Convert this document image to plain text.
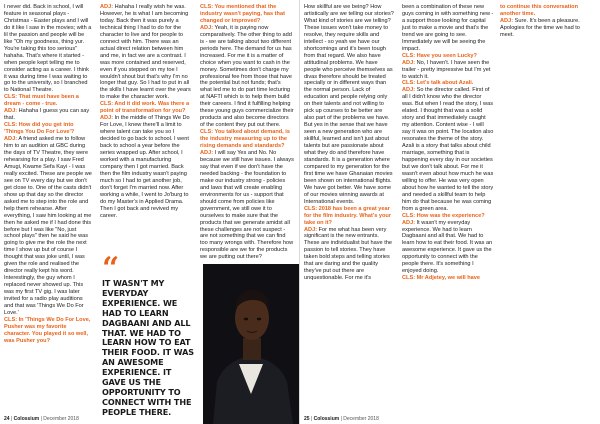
I never did. Back in school, I will feature in seasonal plays - Christmas - Easter plays and I will do it like I saw in the movies; with a lil the passion and people will be like "Oh my goodness, thing yur. You're taking this too serious" hahaha. That's where it started - when people kept telling me to consider acting as a career. I think it was during time I was waiting to go to the university, so I branched to National Theatre.

CLS: That must have been a dream - come - true.

ADJ: Hahaha I guess you can say that.

CLS: How did you get into 'Things You Do For Love'?

ADJ: A friend asked me to follow him to an audition at GBC during the days of TV Theatre, they were rehearsing for a play. I saw Fred Amugi, Kwame Sefa Kayi - I was really excited. These are people we see on TV every day but we don't get close to. One of the casts didn't show up that day so the director asked me to step into the role and help them rehearse. After everything, I saw him looking at me then he asked me if I had done this before but I was like "No, just school plays" then he said he was going to give me the role the next time I show up but of course I thought that was joke until, I was given the role and realised the director really kept his word. Interestingly, the guy whom I replaced never showed up. This was my first TV gig. I was later invited for a radio play auditions and that was 'Things We Do For Love.'

CLS: In 'Things We Do For Love, Pusher was my favorite character. You played it so well, was Pusher you?

ADJ: Hahaha I really wish he was. However, he is what I am becoming today. Back then it was purely a technical thing I had to do for the character to live and for people to connect with him. There was an actual direct relation between him and me, in fact we are a contrast. I was more contained and reserved, even if you stepped on my toe I wouldn't shout but that's why I'm no longer that guy. So I had to put in all the skills I have learnt over the years to make the character work.

CLS: And it did work. Was there a point of transformation for you?

ADJ: In the middle of Things We Do For Love, I knew there'll a limit to where talent can take you so I decided to go back to school. I went back to school a year before the series wrapped up. After school, I worked with a manufacturing company then I got married. Back then the film industry wasn't paying much so I had to get another job, don't forget I'm married now. After working a while, I went to Jo'burg to do my Master's in Applied Drama. Then I got back and revived my career.

CLS: You mentioned that the industry wasn't paying, has that changed or improved?

ADJ: Yeah, it is paying now comparatively. The other thing to add is - we are talking about two different periods here. The demand for us has increased. For me it is a matter of choice when you want to cash in the money. Sometimes don't charge my professional fee from those that have the potential but not funds; that's what led me to do part time lecturing at NAFTI which is to help them build their careers. I find it fulfilling helping these young guys commercialize their products and also become directors of the content they put out there.

CLS: You talked about demand, is the industry measuring up to the rising demands and standards?

ADJ: I will say Yes and No. No because we still have issues. I always say that even if we don't have the needed backing - the foundation to make our industry strong - policies and laws that will create enabling environments for us - support that should come from policies like government, we still owe it to ourselves to make sure that the products that we generate amidst all these challenges are not suspect - are not something that we can find too many wrongs with. Therefore how responsible are we for the products we are putting out there?

“
IT WASN'T MY EVERYDAY EXPERIENCE. WE HAD TO LEARN DAGBAANI AND ALL THAT. WE HAD TO LEARN HOW TO EAT THEIR FOOD. IT WAS AN AWESOME EXPERIENCE. IT GAVE US THE OPPORTUNITY TO CONNECT WITH THE PEOPLE THERE.
24 | Colossium | December 2018

How skillful are we being? How artistically are we telling our stories? What kind of stories are we telling? These issues won't take money to resolve, they require skills and intellect - so yeah we have our shortcomings and it's been tough from that regard. We also have attitudinal problems. We have people who perceive themselves as divas therefore should be treated specially or in different ways than the normal person. Lack of education and people relying only on their talents and not willing to pick up courses to be better are also part of the problems we have. But yes in the sense that we have seen a new generation who are skillful, learned and isn't just about talents but are passionate about what they do and therefore have standards. It is a generation where compared to my generation for the first time we have Ghanaian movies been shown on international flights. We have got better. We have some of our movies winning awards at International events.

CLS: 2018 has been a great year for the film industry. What's your take on it?

ADJ: For me what has been very significant is the new entrants. These are individualist but have the passion to tell stories. They have taken bold steps and telling stories that are daring and the quality they've put out there are unquestionable. For me it's

been a combination of these new guys coming in with something new - a support those looking for capital just to make a movie and that's the trend we are going to see. Immediately we will be seeing the impact.

CLS: Have you seen Lucky?

ADJ: No, I haven't. I have seen the trailer - pretty impressive but I'm yet to watch it.

CLS: Let's talk about Azali.

ADJ: So the director called. First of all I didn't know who the director was. But when I read the story, I was elated. I thought that was a solid story and that immediately caught my attention. Content wise - I will say it was on point. The location also resonates the theme of the story. Azali is a story that talks about child marriage, something that is happening every day in our societies but we don't talk about. For me it wasn't even about how much he was willing to offer. He was very open about how he wanted to tell the story and needed a skillful team to help him do that because he was coming from a green area.

CLS: How was the experience?

ADJ: It wasn't my everyday experience. We had to learn Dagbaani and all that. We had to learn how to eat their food. It was an awesome experience. It gave us the opportunity to connect with the people there. It's something I enjoyed doing.

CLS: Mr Adjetey, we will have

to continue this conversation another time.

ADJ: Sure. It's been a pleasure. Apologies for the time we had to meet.

25 | Colossium | December 2018
